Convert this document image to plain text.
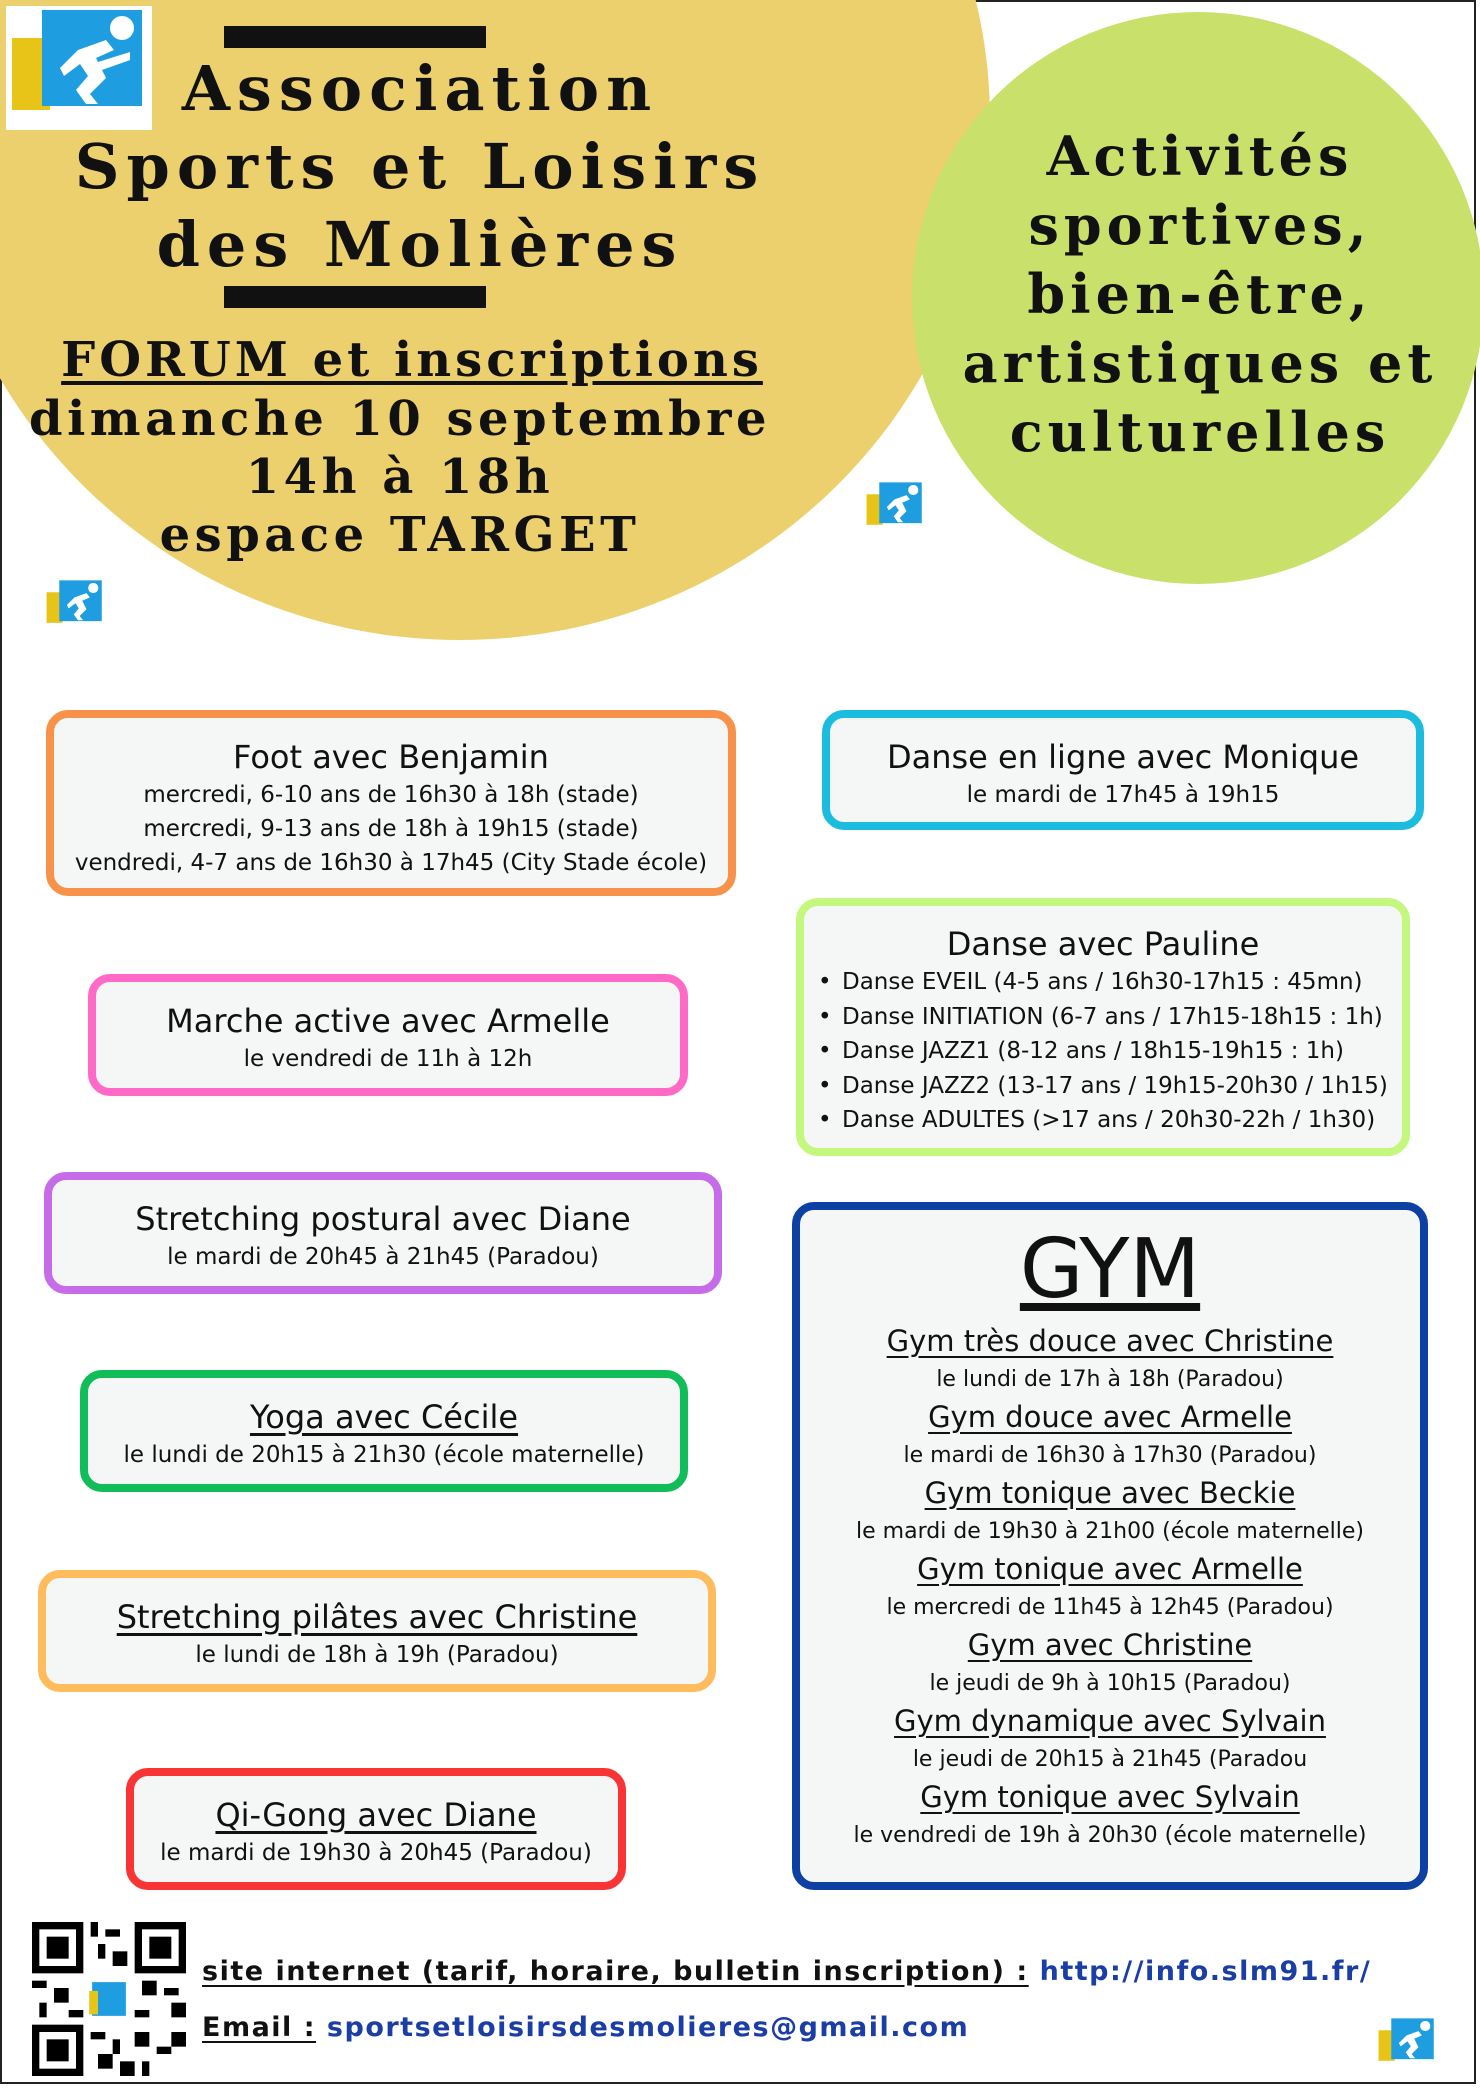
Association
Sports et Loisirs
des Molières
FORUM et inscriptions
dimanche 10 septembre
14h à 18h
espace TARGET
Activités
sportives,
bien-être,
artistiques et
culturelles
Foot avec Benjamin
mercredi, 6-10 ans de 16h30 à 18h (stade)
mercredi, 9-13 ans de 18h à 19h15 (stade)
vendredi, 4-7 ans de 16h30 à 17h45 (City Stade école)
Danse en ligne avec Monique
le mardi de 17h45 à 19h15
Danse avec Pauline
• Danse EVEIL (4-5 ans / 16h30-17h15 : 45mn)
• Danse INITIATION (6-7 ans / 17h15-18h15 : 1h)
• Danse JAZZ1 (8-12 ans / 18h15-19h15 : 1h)
• Danse JAZZ2 (13-17 ans / 19h15-20h30 / 1h15)
• Danse ADULTES (>17 ans / 20h30-22h / 1h30)
Marche active avec Armelle
le vendredi de 11h à 12h
Stretching postural avec Diane
le mardi de 20h45 à 21h45 (Paradou)
Yoga avec Cécile
le lundi de 20h15 à 21h30 (école maternelle)
Stretching pilâtes avec Christine
le lundi de 18h à 19h (Paradou)
Qi-Gong avec Diane
le mardi de 19h30 à 20h45 (Paradou)
GYM
Gym très douce avec Christine
le lundi de 17h à 18h (Paradou)
Gym douce avec Armelle
le mardi de 16h30 à 17h30 (Paradou)
Gym tonique avec Beckie
le mardi de 19h30 à 21h00 (école maternelle)
Gym tonique avec Armelle
le mercredi de 11h45 à 12h45 (Paradou)
Gym avec Christine
le jeudi de 9h à 10h15 (Paradou)
Gym dynamique avec Sylvain
le jeudi de 20h15 à 21h45 (Paradou
Gym tonique avec Sylvain
le vendredi de 19h à 20h30 (école maternelle)
site internet (tarif, horaire, bulletin inscription) : http://info.slm91.fr/
Email : sportsetloisirsdesmolieres@gmail.com
